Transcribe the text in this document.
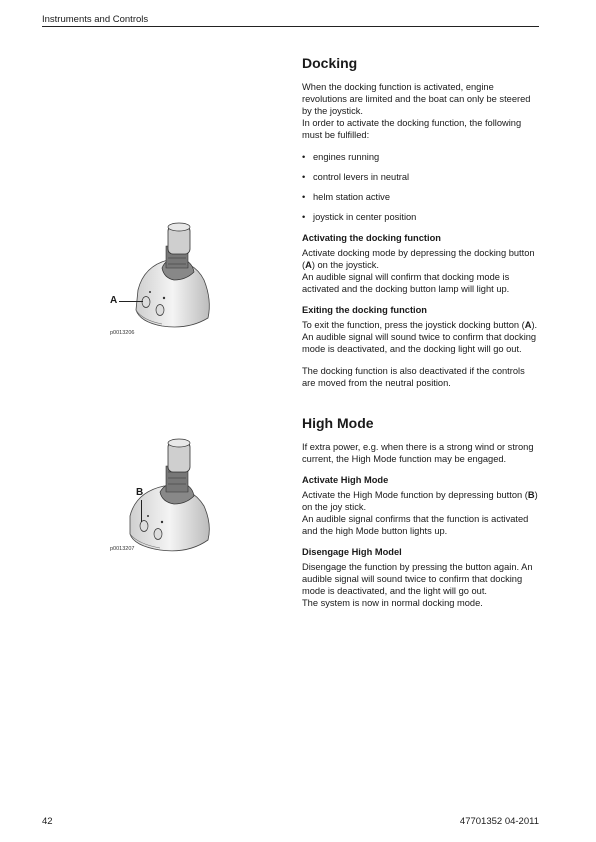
Instruments and Controls
A
p0013206
B
p0013207
Docking

When the docking function is activated, engine revolutions are limited and the boat can only be steered by the joystick.

In order to activate the docking function, the following must be fulfilled:

• engines running
• control levers in neutral
• helm station active
• joystick in center position
Activating the docking function

Activate docking mode by depressing the docking button (A) on the joystick.

An audible signal will confirm that docking mode is activated and the docking button lamp will light up.

Exiting the docking function

To exit the function, press the joystick docking button (A). An audible signal will sound twice to confirm that docking mode is deactivated, and the docking light will go out.

The docking function is also deactivated if the controls are moved from the neutral position.

High Mode

If extra power, e.g. when there is a strong wind or strong current, the High Mode function may be engaged.

Activate High Mode

Activate the High Mode function by depressing button (B) on the joy stick.

An audible signal confirms that the function is activated and the high Mode button lights up.

Disengage High Model

Disengage the function by pressing the button again. An audible signal will sound twice to confirm that docking mode is deactivated, and the light will go out.

The system is now in normal docking mode.

42	47701352 04-2011
